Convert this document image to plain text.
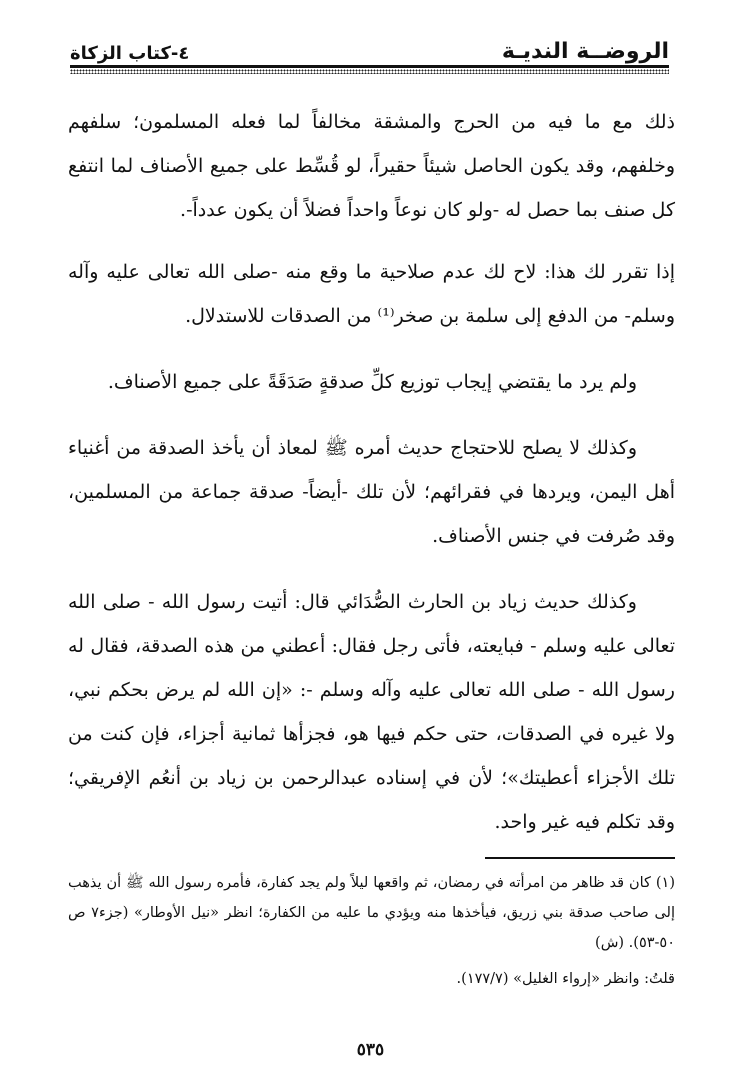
الروضــة النديـة
٤-كتاب الزكاة

ذلك مع ما فيه من الحرج والمشقة مخالفاً لما فعله المسلمون؛ سلفهم وخلفهم، وقد يكون الحاصل شيئاً حقيراً، لو قُسِّط على جميع الأصناف لما انتفع كل صنف بما حصل له -ولو كان نوعاً واحداً فضلاً أن يكون عدداً-.

إذا تقرر لك هذا: لاح لك عدم صلاحية ما وقع منه -صلى الله تعالى عليه وآله وسلم- من الدفع إلى سلمة بن صخر⁽¹⁾ من الصدقات للاستدلال.

ولم يرد ما يقتضي إيجاب توزيع كلِّ صدقةٍ صَدَقَةً على جميع الأصناف.

وكذلك لا يصلح للاحتجاج حديث أمره ﷺ لمعاذ أن يأخذ الصدقة من أغنياء أهل اليمن، ويردها في فقرائهم؛ لأن تلك -أيضاً- صدقة جماعة من المسلمين، وقد صُرفت في جنس الأصناف.

وكذلك حديث زياد بن الحارث الصُّدَائي قال: أتيت رسول الله - صلى الله تعالى عليه وسلم - فبايعته، فأتى رجل فقال: أعطني من هذه الصدقة، فقال له رسول الله - صلى الله تعالى عليه وآله وسلم -: «إن الله لم يرض بحكم نبي، ولا غيره في الصدقات، حتى حكم فيها هو، فجزأها ثمانية أجزاء، فإن كنت من تلك الأجزاء أعطيتك»؛ لأن في إسناده عبدالرحمن بن زياد بن أنعُم الإفريقي؛ وقد تكلم فيه غير واحد.

(١) كان قد ظاهر من امرأته في رمضان، ثم واقعها ليلاً ولم يجد كفارة، فأمره رسول الله ﷺ أن يذهب إلى صاحب صدقة بني زريق، فيأخذها منه ويؤدي ما عليه من الكفارة؛ انظر «نيل الأوطار» (جزء٧ ص ٥٠-٥٣). (ش)

قلتُ: وانظر «إرواء الغليل» (١٧٧/٧).

٥٣٥
